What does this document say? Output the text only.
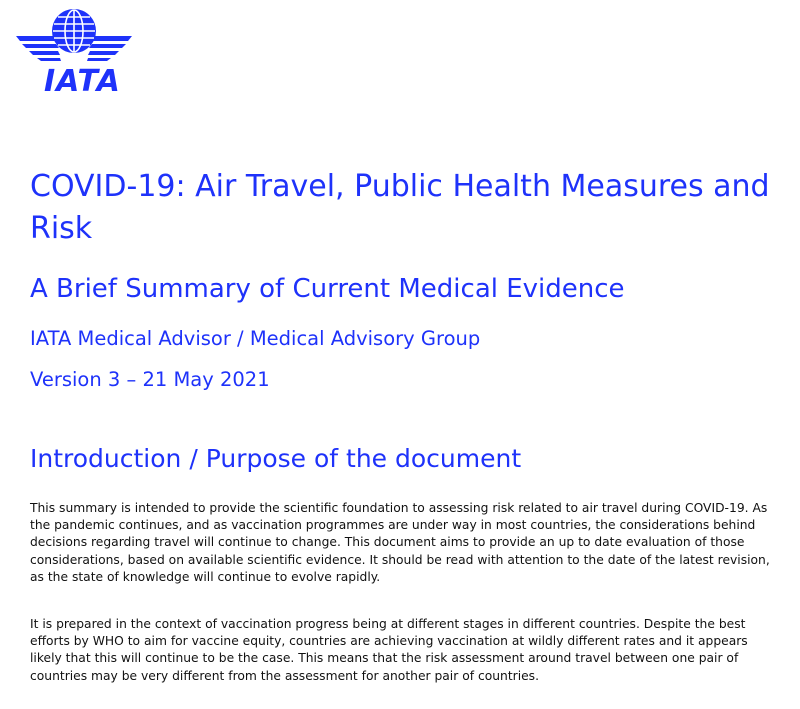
IATA
COVID-19: Air Travel, Public Health Measures and Risk
A Brief Summary of Current Medical Evidence

IATA Medical Advisor / Medical Advisory Group

Version 3 – 21 May 2021

Introduction / Purpose of the document

This summary is intended to provide the scientific foundation to assessing risk related to air travel during COVID-19. As the pandemic continues, and as vaccination programmes are under way in most countries, the considerations behind decisions regarding travel will continue to change. This document aims to provide an up to date evaluation of those considerations, based on available scientific evidence. It should be read with attention to the date of the latest revision, as the state of knowledge will continue to evolve rapidly.

It is prepared in the context of vaccination progress being at different stages in different countries. Despite the best efforts by WHO to aim for vaccine equity, countries are achieving vaccination at wildly different rates and it appears likely that this will continue to be the case. This means that the risk assessment around travel between one pair of countries may be very different from the assessment for another pair of countries.
